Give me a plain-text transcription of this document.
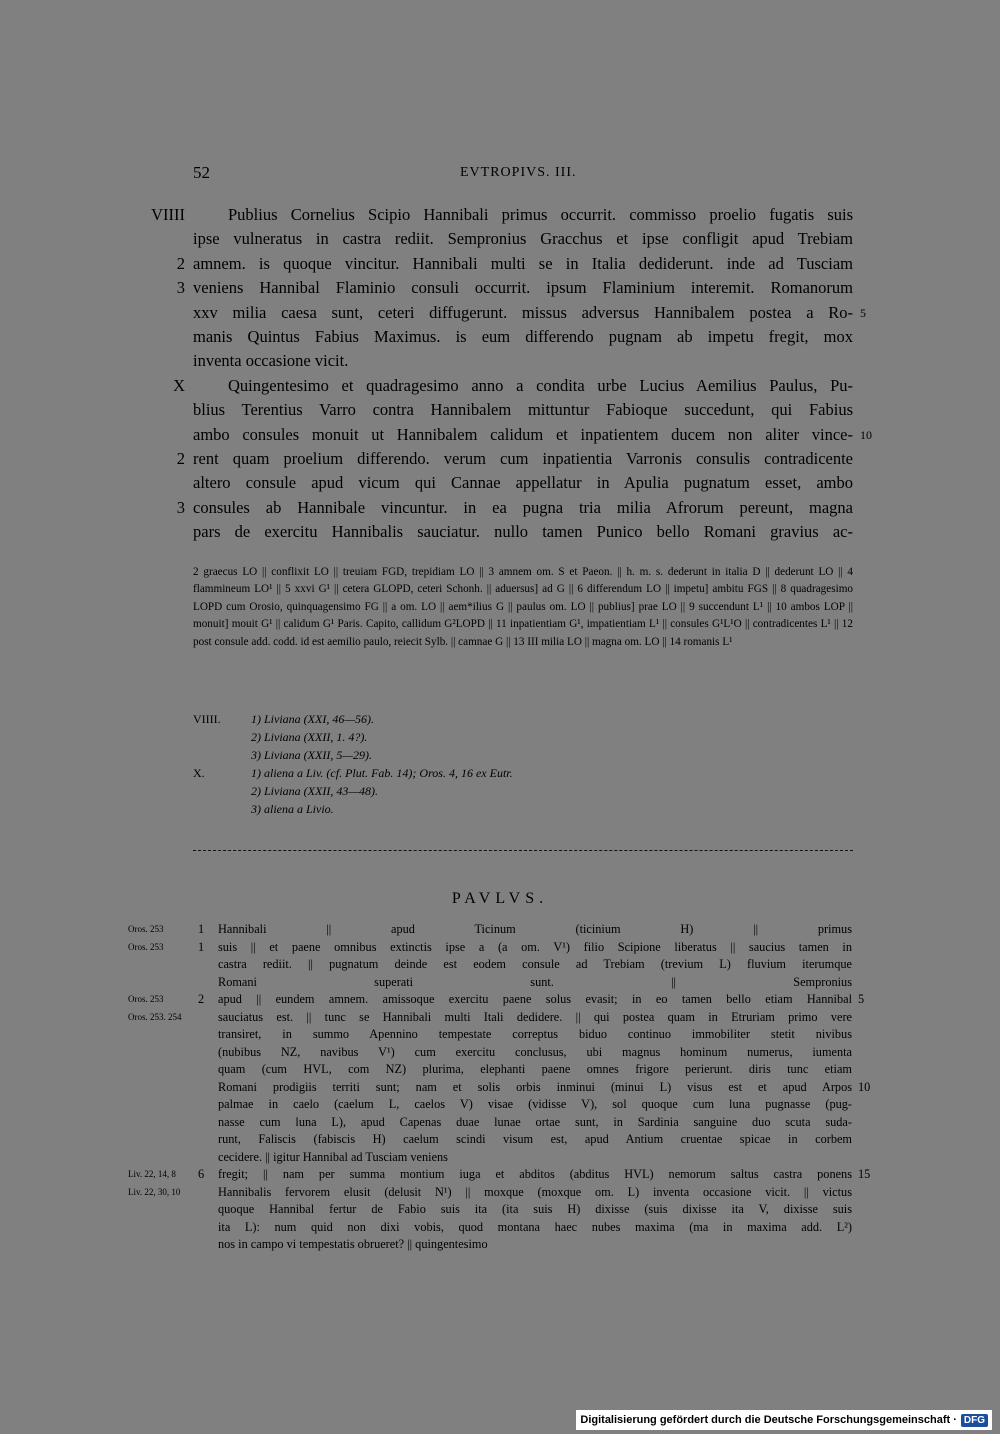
52	EVTROPIVS. III.
VIIII	Publius Cornelius Scipio Hannibali primus occurrit. commisso proelio fugatis suis
ipse vulneratus in castra rediit. Sempronius Gracchus et ipse confligit apud Trebiam
2 amnem. is quoque vincitur. Hannibali multi se in Italia dediderunt. inde ad Tusciam
3 veniens Hannibal Flaminio consuli occurrit. ipsum Flaminium interemit. Romanorum
xxv milia caesa sunt, ceteri diffugerunt. missus adversus Hannibalem postea a Ro- 5
manis Quintus Fabius Maximus. is eum differendo pugnam ab impetu fregit, mox
inventa occasione vicit.
X	Quingentesimo et quadragesimo anno a condita urbe Lucius Aemilius Paulus, Pu-
blius Terentius Varro contra Hannibalem mittuntur Fabioque succedunt, qui Fabius
ambo consules monuit ut Hannibalem calidum et inpatientem ducem non aliter vince- 10
2 rent quam proelium differendo. verum cum inpatientia Varronis consulis contradicente
altero consule apud vicum qui Cannae appellatur in Apulia pugnatum esset, ambo
3 consules ab Hannibale vincuntur. in ea pugna tria milia Afrorum pereunt, magna
pars de exercitu Hannibalis sauciatur. nullo tamen Punico bello Romani gravius ac-
2 graecus LO || conflixit LO || treuiam FGD, trepidiam LO || 3 amnem om. S et Paeon. || h. m. s. dederunt in italia D || dederunt LO || 4 flammineum LO¹ || 5 xxvi G¹ || cetera GLOPD, ceteri Schonh. || aduersus] ad G || 6 differendum LO || impetu] ambitu FGS || 8 quadragesimo LOPD cum Orosio, quinquagensimo FG || a om. LO || aem*ilius G || paulus om. LO || publius] prae LO || 9 succendunt L¹ || 10 ambos LOP || monuit] mouit G¹ || calidum G¹ Paris. Capito, callidum G²LOPD || 11 inpatientiam G¹, impatientiam L¹ || consules G¹L¹O || contradicentes L¹ || 12 post consule add. codd. id est aemilio paulo, reiecit Sylb. || camnae G || 13 III milia LO || magna om. LO || 14 romanis L¹
VIIII.	1) Liviana (XXI, 46—56).
2) Liviana (XXII, 1. 4?).
3) Liviana (XXII, 5—29).
X.	1) aliena a Liv. (cf. Plut. Fab. 14); Oros. 4, 16 ex Eutr.
2) Liviana (XXII, 43—48).
3) aliena a Livio.
PAVLVS.
Oros. 253	1 Hannibali || apud Ticinum (ticinium H) || primus
Oros. 253	1 suis || et paene omnibus extinctis ipse a (a om. V¹) filio Scipione liberatus || saucius tamen in
castra rediit. || pugnatum deinde est eodem consule ad Trebiam (trevium L) fluvium iterumque
Romani superati sunt. || Sempronius
Oros. 253	2 apud || eundem amnem. amissoque exercitu paene solus evasit; in eo tamen bello etiam Hannibal 5
Oros. 253. 254	sauciatus est. || tunc se Hannibali multi Itali dedidere. || qui postea quam in Etruriam primo vere
transiret, in summo Apennino tempestate correptus biduo continuo immobiliter stetit nivibus
(nubibus NZ, navibus V¹) cum exercitu conclusus, ubi magnus hominum numerus, iumenta
quam (cum HVL, com NZ) plurima, elephanti paene omnes frigore perierunt. diris tunc etiam
Romani prodigiis territi sunt; nam et solis orbis inminui (minui L) visus est et apud Arpos 10
palmae in caelo (caelum L, caelos V) visae (vidisse V), sol quoque cum luna pugnasse (pug-
nasse cum luna L), apud Capenas duae lunae ortae sunt, in Sardinia sanguine duo scuta suda-
runt, Faliscis (fabiscis H) caelum scindi visum est, apud Antium cruentae spicae in corbem
cecidere. || igitur Hannibal ad Tusciam veniens
Liv. 22, 14, 8 6 fregit; || nam per summa montium iuga et abditos (abditus HVL) nemorum saltus castra ponens 15
Liv. 22, 30, 10	Hannibalis fervorem elusit (delusit N¹) || moxque (moxque om. L) inventa occasione vicit. || victus
quoque Hannibal fertur de Fabio suis ita (ita suis H) dixisse (suis dixisse ita V, dixisse suis
ita L): num quid non dixi vobis, quod montana haec nubes maxima (ma in maxima add. L²)
nos in campo vi tempestatis obrueret? || quingentesimo
Digitalisierung gefördert durch die Deutsche Forschungsgemeinschaft · DFG
